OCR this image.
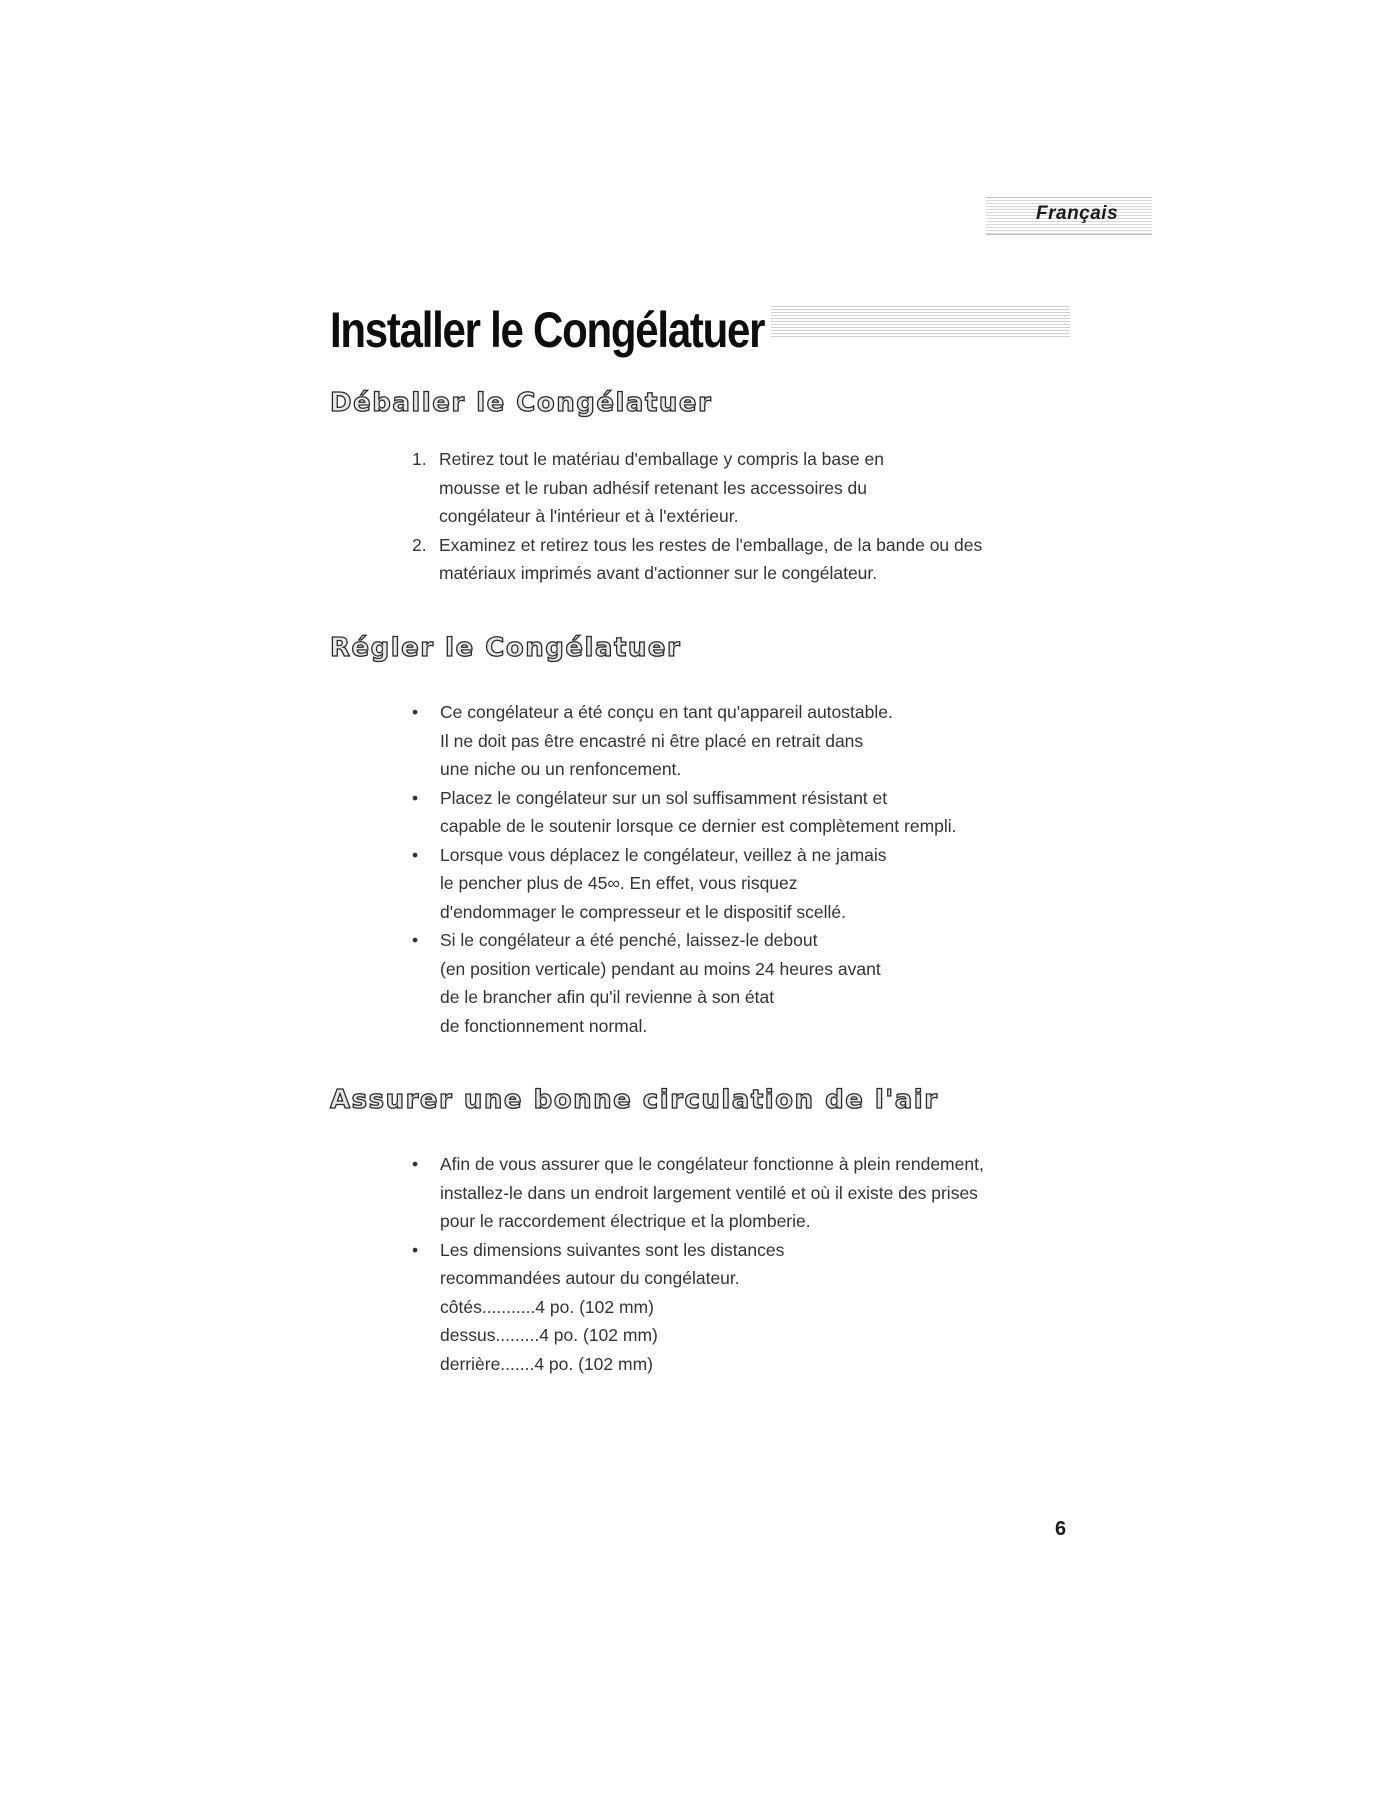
Français
Installer le Congélatuer
Déballer le Congélatuer
1. Retirez tout le matériau d'emballage y compris la base en
mousse et le ruban adhésif retenant les accessoires du
congélateur à l'intérieur et à l'extérieur.
2. Examinez et retirez tous les restes de l'emballage, de la bande ou des
matériaux imprimés avant d'actionner sur le congélateur.
Régler le Congélatuer
• Ce congélateur a été conçu en tant qu'appareil autostable.
Il ne doit pas être encastré ni être placé en retrait dans
une niche ou un renfoncement.
• Placez le congélateur sur un sol suffisamment résistant et
capable de le soutenir lorsque ce dernier est complètement rempli.
• Lorsque vous déplacez le congélateur, veillez à ne jamais
le pencher plus de 45∞. En effet, vous risquez
d'endommager le compresseur et le dispositif scellé.
• Si le congélateur a été penché, laissez-le debout
(en position verticale) pendant au moins 24 heures avant
de le brancher afin qu'il revienne à son état
de fonctionnement normal.
Assurer une bonne circulation de l'air
• Afin de vous assurer que le congélateur fonctionne à plein rendement,
installez-le dans un endroit largement ventilé et où il existe des prises
pour le raccordement électrique et la plomberie.
• Les dimensions suivantes sont les distances
recommandées autour du congélateur.
côtés...........4 po. (102 mm)
dessus.........4 po. (102 mm)
derrière.......4 po. (102 mm)
6
